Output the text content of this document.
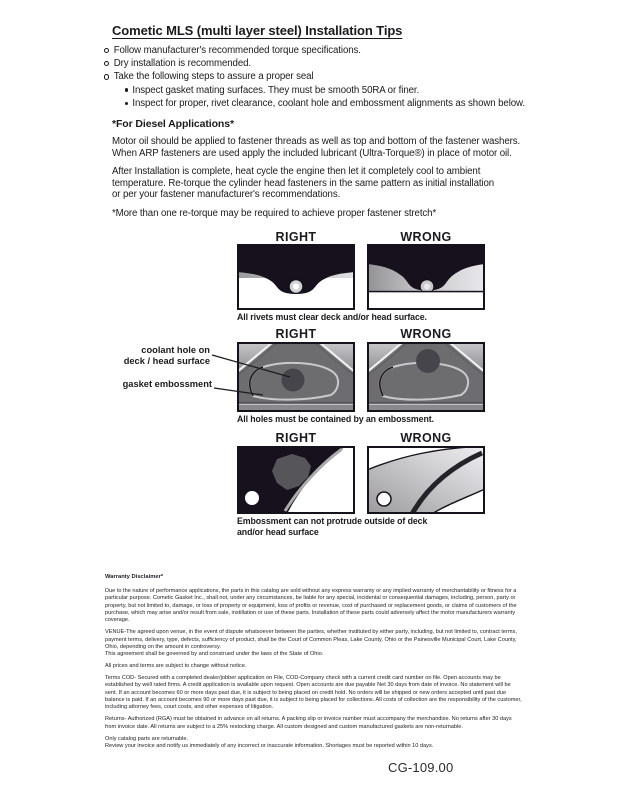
Cometic MLS (multi layer steel) Installation Tips
Follow manufacturer's recommended torque specifications.
Dry installation is recommended.
Take the following steps to assure a proper seal
Inspect gasket mating surfaces. They must be smooth 50RA or finer.
Inspect for proper, rivet clearance, coolant hole and embossment alignments as shown below.
*For Diesel Applications*
Motor oil should be applied to fastener threads as well as top and bottom of the fastener washers.
When ARP fasteners are used apply the included lubricant (Ultra-Torque®) in place of motor oil.
After Installation is complete, heat cycle the engine then let it completely cool to ambient
temperature. Re-torque the cylinder head fasteners in the same pattern as initial installation
or per your fastener manufacturer's recommendations.
*More than one re-torque may be required to achieve proper fastener stretch*
RIGHT	WRONG
All rivets must clear deck and/or head surface.
RIGHT	WRONG
coolant hole on
deck / head surface
gasket embossment
All holes must be contained by an embossment.
RIGHT	WRONG
Embossment can not protrude outside of deck
and/or head surface
Warranty Disclaimer*
Due to the nature of performance applications, the parts in this catalog are sold without any express warranty or any implied warranty of merchantability or fitness for a particular purpose. Cometic Gasket Inc., shall not, under any circumstances, be liable for any special, incidental or consequential damages, including, person, party or property, but not limited to, damage, or loss of property or equipment, loss of profits or revenue, cost of purchased or replacement goods, or claims of customers of the purchase, which may arise and/or result from sale, instillation or use of these parts. Installation of these parts could adversely affect the motor manufacturers warranty coverage.
VENUE-The agreed upon venue, in the event of dispute whatsoever between the parties, whether instituted by either party, including, but not limited to, contract terms, payment terms, delivery, type, defects, sufficiency of product, shall be the Court of Common Pleas, Lake County, Ohio or the Painesville Municipal Court, Lake County, Ohio, depending on the amount in controversy.
This agreement shall be governed by and construed under the laws of the State of Ohio.
All prices and terms are subject to change without notice.
Terms COD- Secured with a completed dealer/jobber application on File, COD-Company check with a current credit card number on file. Open accounts may be established by well rated firms. A credit application is available upon request. Open accounts are due payable Net 30 days from date of invoice. No statement will be sent. If an account becomes 60 or more days past due, it is subject to being placed on credit hold. No orders will be shipped or new orders accepted until past due balance is paid. If an account becomes 90 or more days past due, it is subject to being placed for collections. All costs of collection are the responsibility of the customer, including attorney fees, court costs, and other expenses of litigation.
Returns- Authorized (RGA) must be obtained in advance on all returns. A packing slip or invoice number must accompany the merchandise. No returns after 30 days from invoice date. All returns are subject to a 25% restocking charge. All custom designed and custom manufactured gaskets are non-returnable.
Only catalog parts are returnable.
Review your invoice and notify us immediately of any incorrect or inaccurate information. Shortages must be reported within 10 days.
CG-109.00
